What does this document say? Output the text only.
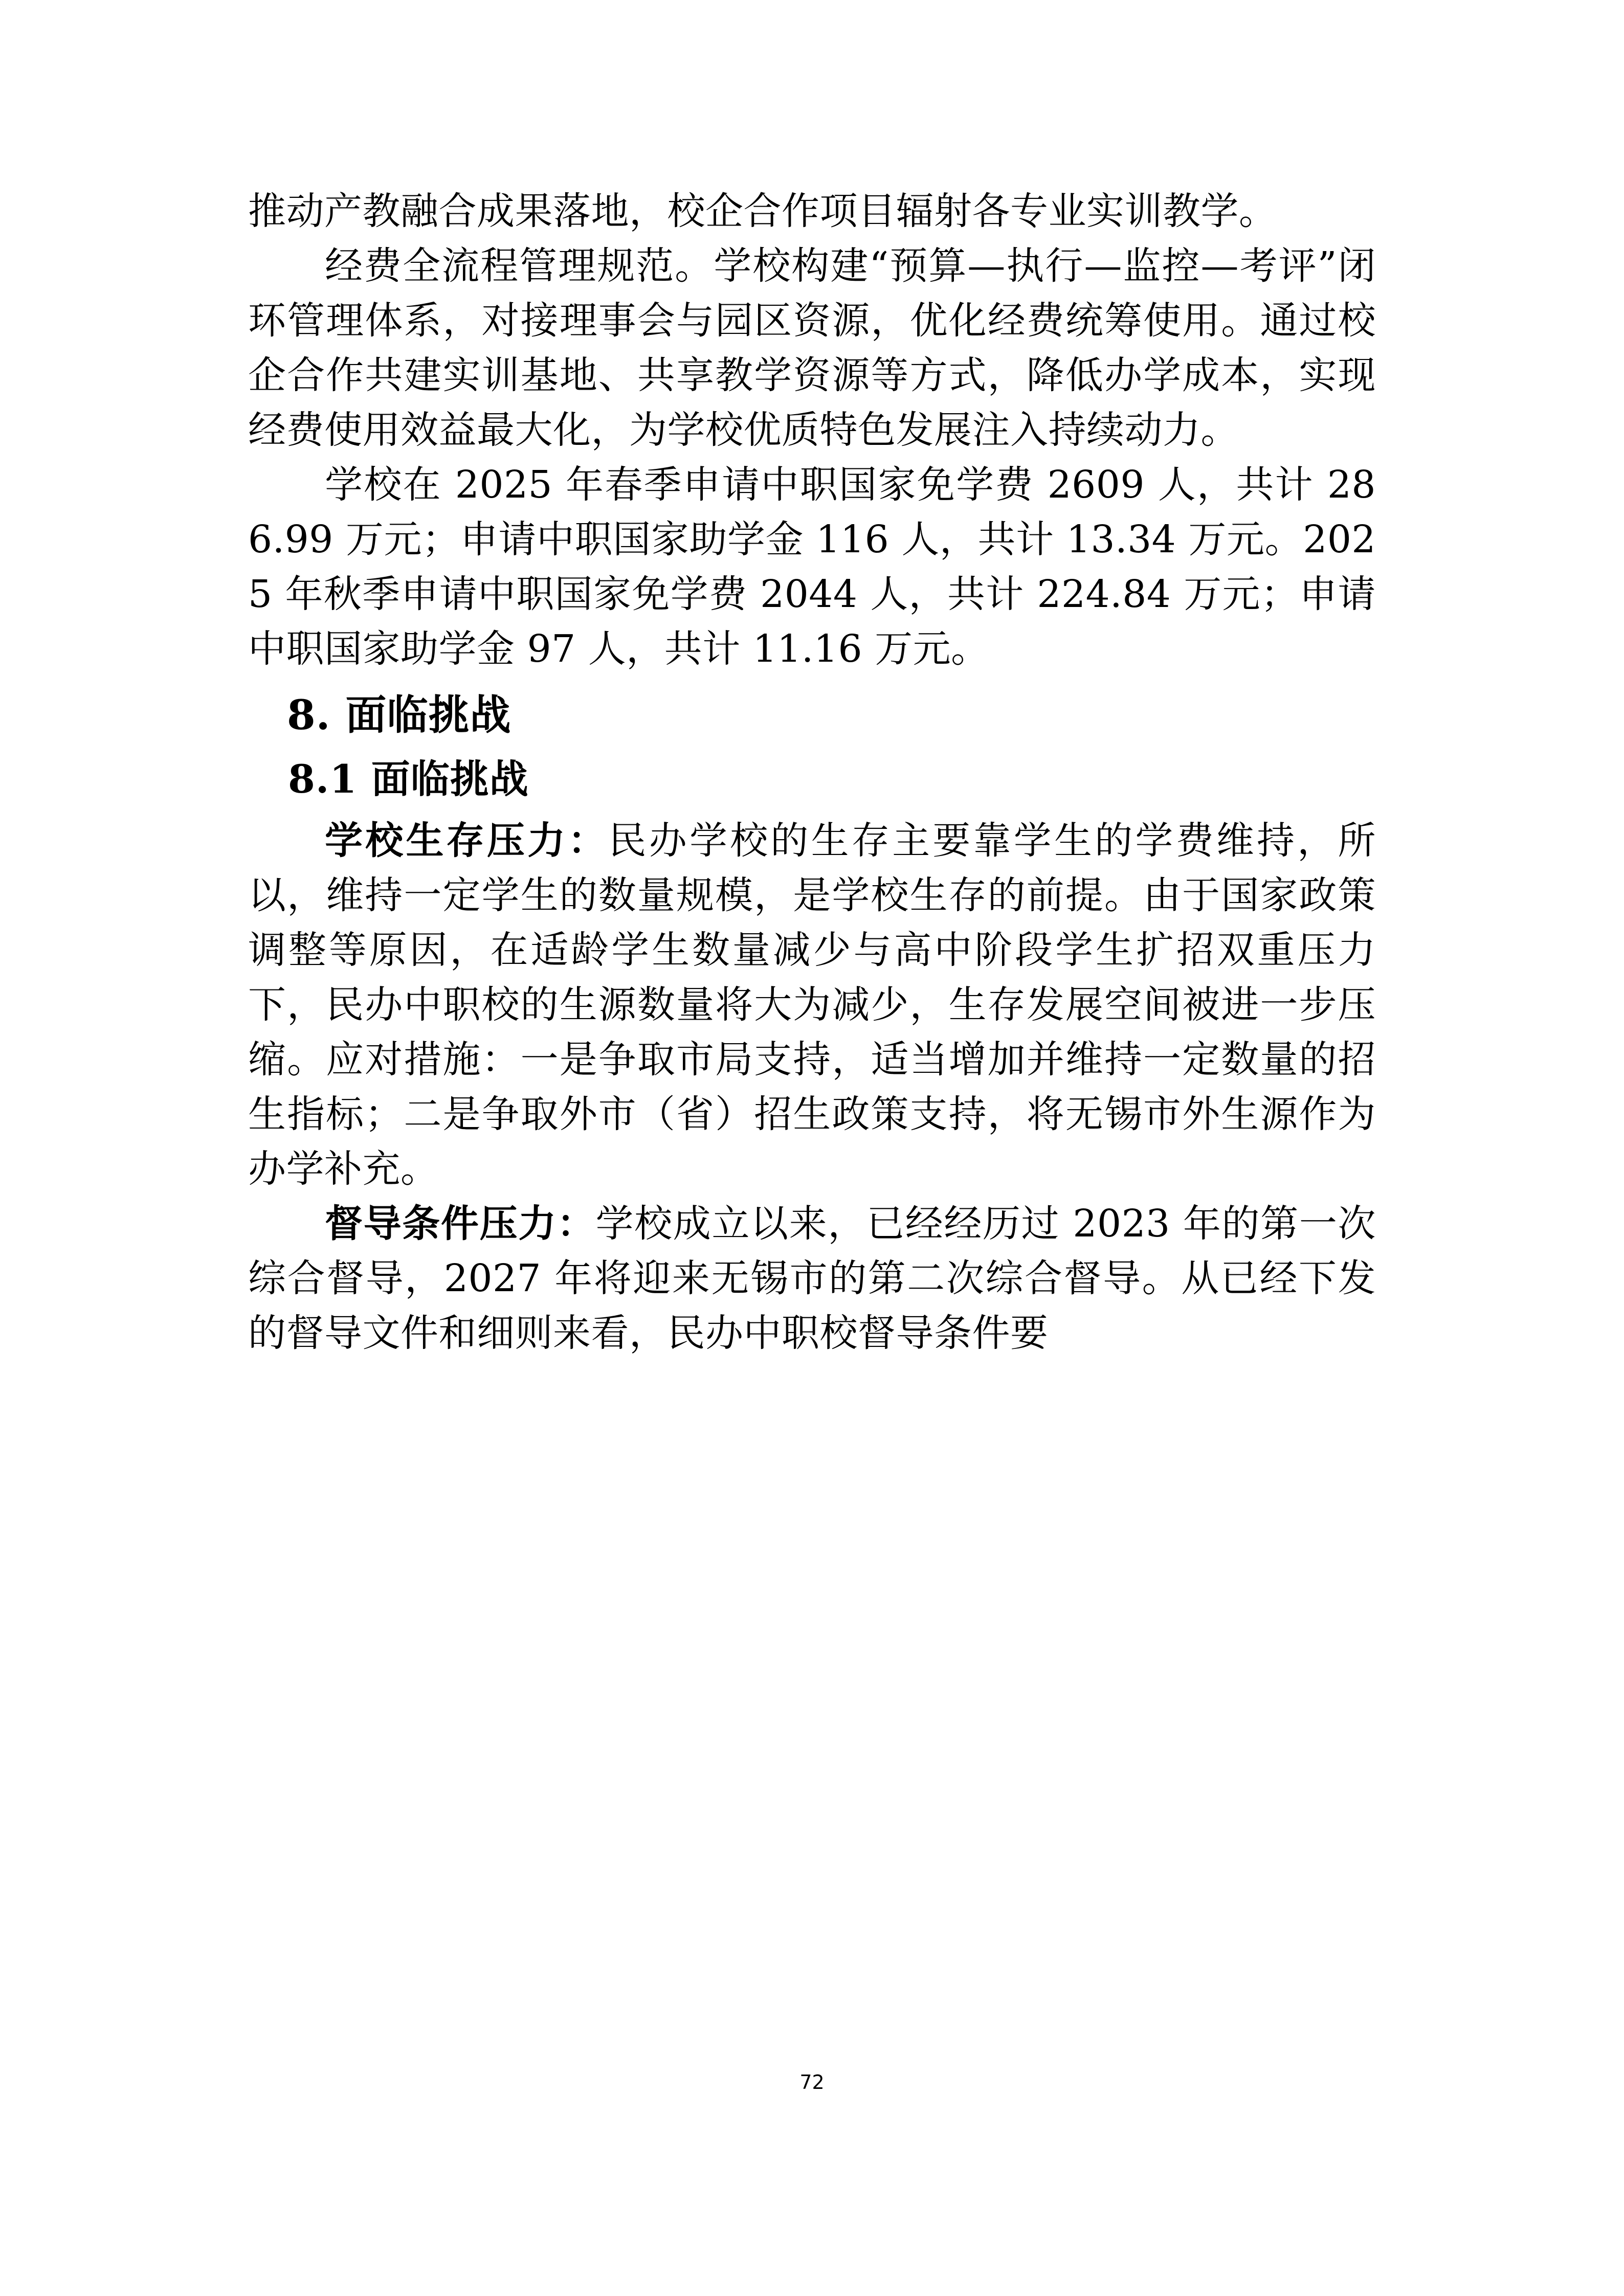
推动产教融合成果落地，校企合作项目辐射各专业实训教学。

经费全流程管理规范。学校构建“预算—执行—监控—考评”闭环管理体系，对接理事会与园区资源，优化经费统筹使用。通过校企合作共建实训基地、共享教学资源等方式，降低办学成本，实现经费使用效益最大化，为学校优质特色发展注入持续动力。

学校在 2025 年春季申请中职国家免学费 2609 人，共计 286.99 万元；申请中职国家助学金 116 人，共计 13.34 万元。2025 年秋季申请中职国家免学费 2044 人，共计 224.84 万元；申请中职国家助学金 97 人，共计 11.16 万元。

8. 面临挑战
8.1 面临挑战

学校生存压力：民办学校的生存主要靠学生的学费维持，所以，维持一定学生的数量规模，是学校生存的前提。由于国家政策调整等原因，在适龄学生数量减少与高中阶段学生扩招双重压力下，民办中职校的生源数量将大为减少，生存发展空间被进一步压缩。应对措施：一是争取市局支持，适当增加并维持一定数量的招生指标；二是争取外市（省）招生政策支持，将无锡市外生源作为办学补充。

督导条件压力：学校成立以来，已经经历过 2023 年的第一次综合督导，2027 年将迎来无锡市的第二次综合督导。从已经下发的督导文件和细则来看，民办中职校督导条件要

72
